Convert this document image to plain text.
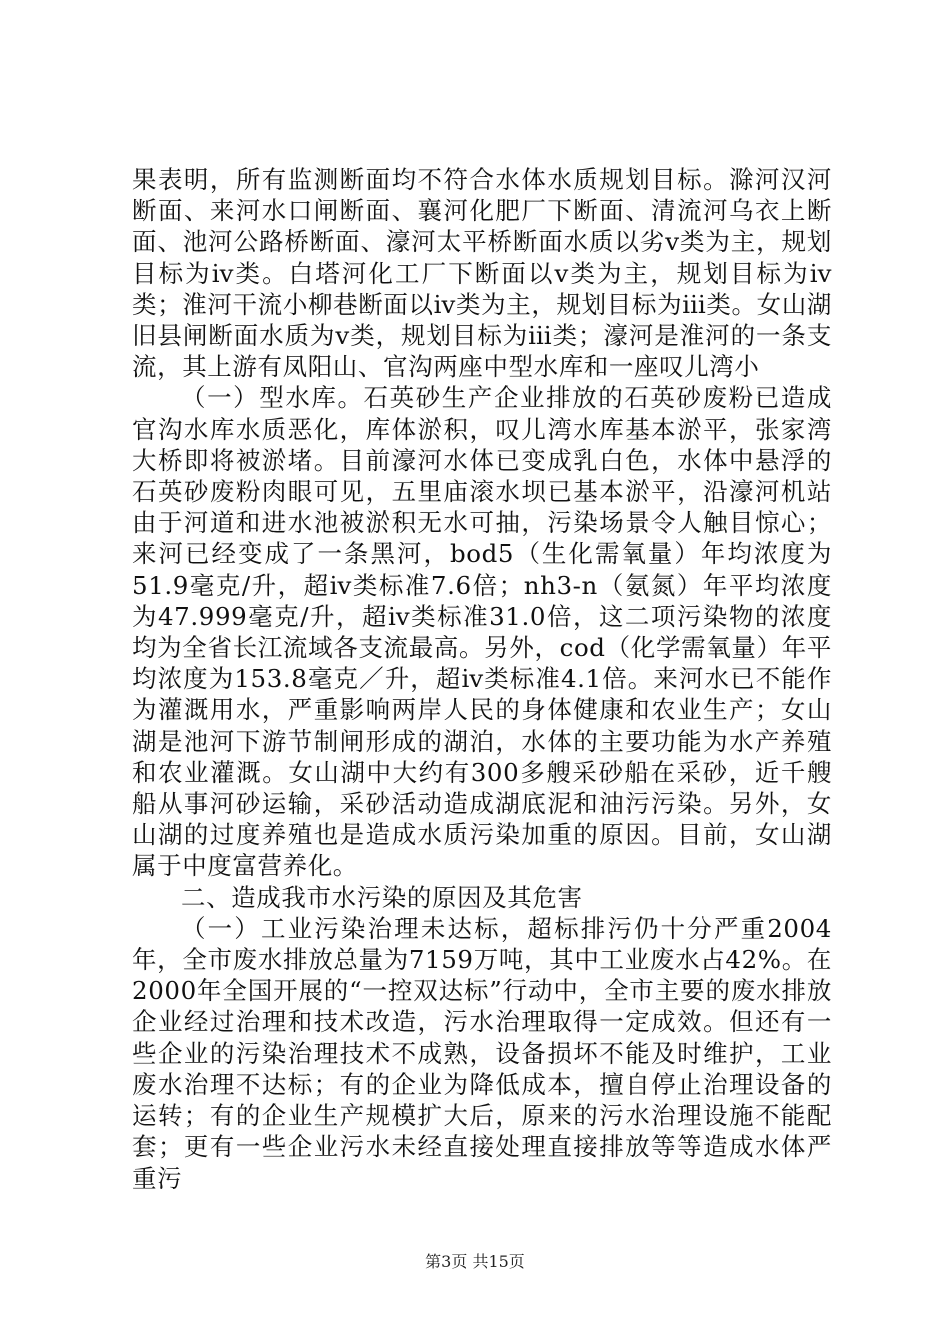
果表明，所有监测断面均不符合水体水质规划目标。滁河汉河断面、来河水口闸断面、襄河化肥厂下断面、清流河乌衣上断面、池河公路桥断面、濠河太平桥断面水质以劣ⅴ类为主，规划目标为ⅳ类。白塔河化工厂下断面以ⅴ类为主，规划目标为ⅳ类；淮河干流小柳巷断面以ⅳ类为主，规划目标为ⅲ类。女山湖旧县闸断面水质为ⅴ类，规划目标为ⅲ类；濠河是淮河的一条支流，其上游有凤阳山、官沟两座中型水库和一座叹儿湾小

（一）型水库。石英砂生产企业排放的石英砂废粉已造成官沟水库水质恶化，库体淤积，叹儿湾水库基本淤平，张家湾大桥即将被淤堵。目前濠河水体已变成乳白色，水体中悬浮的石英砂废粉肉眼可见，五里庙滚水坝已基本淤平，沿濠河机站由于河道和进水池被淤积无水可抽，污染场景令人触目惊心；来河已经变成了一条黑河，bod5（生化需氧量）年均浓度为51.9毫克/升，超ⅳ类标准7.6倍；nh3-n（氨氮）年平均浓度为47.999毫克/升，超ⅳ类标准31.0倍，这二项污染物的浓度均为全省长江流域各支流最高。另外，cod（化学需氧量）年平均浓度为153.8毫克／升，超ⅳ类标准4.1倍。来河水已不能作为灌溉用水，严重影响两岸人民的身体健康和农业生产；女山湖是池河下游节制闸形成的湖泊，水体的主要功能为水产养殖和农业灌溉。女山湖中大约有300多艘采砂船在采砂，近千艘船从事河砂运输，采砂活动造成湖底泥和油污污染。另外，女山湖的过度养殖也是造成水质污染加重的原因。目前，女山湖属于中度富营养化。

二、造成我市水污染的原因及其危害

（一）工业污染治理未达标，超标排污仍十分严重2004年，全市废水排放总量为7159万吨，其中工业废水占42%。在2000年全国开展的“一控双达标”行动中，全市主要的废水排放企业经过治理和技术改造，污水治理取得一定成效。但还有一些企业的污染治理技术不成熟，设备损坏不能及时维护，工业废水治理不达标；有的企业为降低成本，擅自停止治理设备的运转；有的企业生产规模扩大后，原来的污水治理设施不能配套；更有一些企业污水未经直接处理直接排放等等造成水体严重污

第3页 共15页
